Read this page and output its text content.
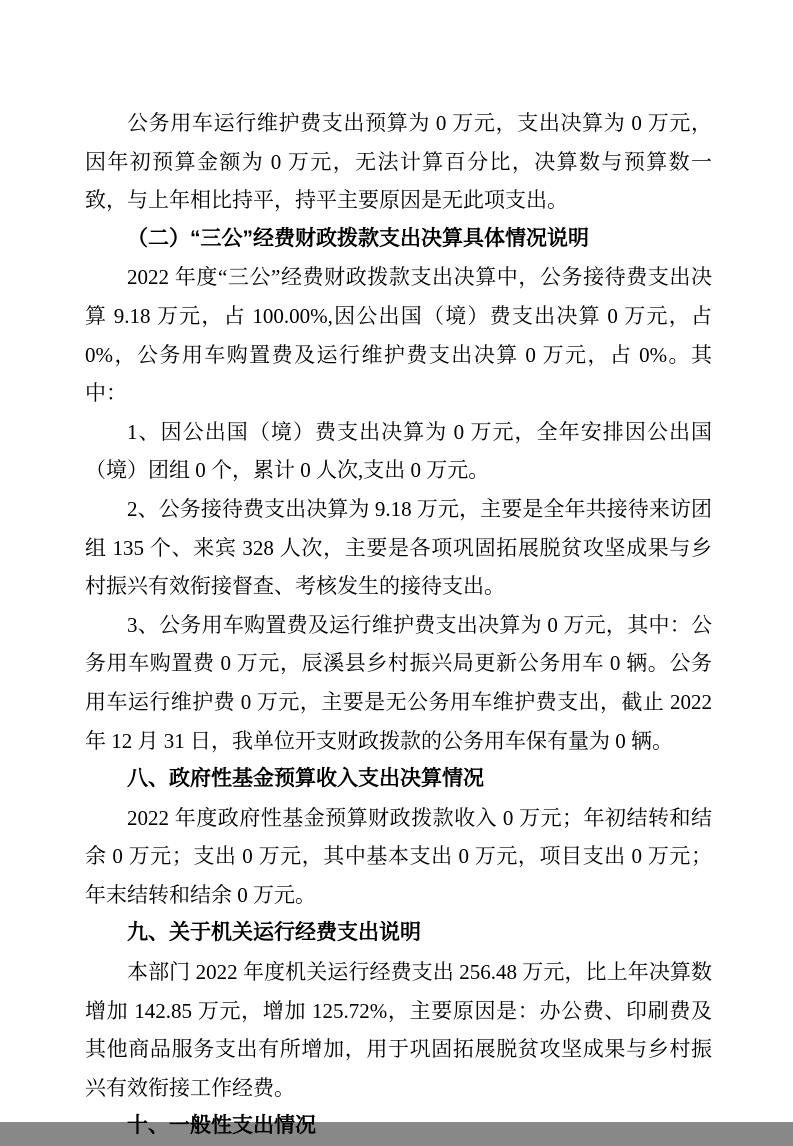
公务用车运行维护费支出预算为 0 万元，支出决算为 0 万元，因年初预算金额为 0 万元，无法计算百分比，决算数与预算数一致，与上年相比持平，持平主要原因是无此项支出。

（二）“三公”经费财政拨款支出决算具体情况说明

2022 年度“三公”经费财政拨款支出决算中，公务接待费支出决算 9.18 万元，占 100.00%,因公出国（境）费支出决算 0 万元，占 0%，公务用车购置费及运行维护费支出决算 0 万元，占 0%。其中：

1、因公出国（境）费支出决算为 0 万元，全年安排因公出国（境）团组 0 个，累计 0 人次,支出 0 万元。

2、公务接待费支出决算为 9.18 万元，主要是全年共接待来访团组 135 个、来宾 328 人次，主要是各项巩固拓展脱贫攻坚成果与乡村振兴有效衔接督查、考核发生的接待支出。

3、公务用车购置费及运行维护费支出决算为 0 万元，其中：公务用车购置费 0 万元，辰溪县乡村振兴局更新公务用车 0 辆。公务用车运行维护费 0 万元，主要是无公务用车维护费支出，截止 2022 年 12 月 31 日，我单位开支财政拨款的公务用车保有量为 0 辆。

八、政府性基金预算收入支出决算情况

2022 年度政府性基金预算财政拨款收入 0 万元；年初结转和结余 0 万元；支出 0 万元，其中基本支出 0 万元，项目支出 0 万元；年末结转和结余 0 万元。

九、关于机关运行经费支出说明

本部门 2022 年度机关运行经费支出 256.48 万元，比上年决算数增加 142.85 万元，增加 125.72%，主要原因是：办公费、印刷费及其他商品服务支出有所增加，用于巩固拓展脱贫攻坚成果与乡村振兴有效衔接工作经费。

十、一般性支出情况
